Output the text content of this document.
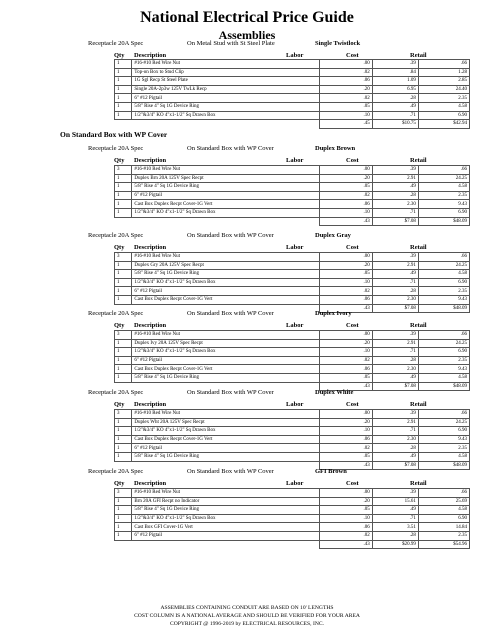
National Electrical Price Guide
Assemblies
On Standard Box with WP Cover
Receptacle 20A Spec	On Metal Stud with St Steel Plate	Single Twistlock
Qty Description	Labor	Cost	Retail
1	#16-#10 Red Wire Nut	.00	.39	.66
1	Top-on Box to Stud Clip	.02	.84	1.28
1	1G Sgl Recp St Steel Plate	.06	1.09	2.85
1	Single 20A-2p3w 125V TwLk Recp	.20	6.95	24.40
1	6" #12 Pigtail	.02	.28	2.35
1	5/8" Rise 4" Sq 1G Device Ring	.05	.49	4.58
1	1/2"&3/4" KO 4"x1-1/2" Sq Drawn Box	.10	.71	6.90
		.45	$10.75	$42.94
Receptacle 20A Spec	On Standard Box with WP Cover	Duplex Brown
Qty Description	Labor	Cost	Retail
3	#16-#10 Red Wire Nut	.00	.39	.66
1	Duplex Brn 20A 125V Spec Recpt	.20	2.91	24.25
1	5/8" Rise 4" Sq 1G Device Ring	.05	.49	4.58
1	6" #12 Pigtail	.02	.28	2.35
1	Cast Box Duplex Recpt Cover-1G Vert	.06	2.30	9.43
1	1/2"&3/4" KO 4"x1-1/2" Sq Drawn Box	.10	.71	6.90
		.43	$7.08	$48.09
Receptacle 20A Spec	On Standard Box with WP Cover	Duplex Gray
Qty Description	Labor	Cost	Retail
3	#16-#10 Red Wire Nut	.00	.39	.66
1	Duplex Gry 20A 125V Spec Recpt	.20	2.91	24.25
1	5/8" Rise 4" Sq 1G Device Ring	.05	.49	4.58
1	1/2"&3/4" KO 4"x1-1/2" Sq Drawn Box	.10	.71	6.90
1	6" #12 Pigtail	.02	.28	2.35
1	Cast Box Duplex Recpt Cover-1G Vert	.06	2.30	9.43
		.43	$7.08	$48.09
Receptacle 20A Spec	On Standard Box with WP Cover	Duplex Ivory
Qty Description	Labor	Cost	Retail
3	#16-#10 Red Wire Nut	.00	.39	.66
1	Duplex Ivy 20A 125V Spec Recpt	.20	2.91	24.25
1	1/2"&3/4" KO 4"x1-1/2" Sq Drawn Box	.10	.71	6.90
1	6" #12 Pigtail	.02	.28	2.35
1	Cast Box Duplex Recpt Cover-1G Vert	.06	2.30	9.43
1	5/8" Rise 4" Sq 1G Device Ring	.05	.49	4.58
		.43	$7.08	$48.09
Receptacle 20A Spec	On Standard Box with WP Cover	Duplex White
Qty Description	Labor	Cost	Retail
3	#16-#10 Red Wire Nut	.00	.39	.66
1	Duplex Wht 20A 125V Spec Recpt	.20	2.91	24.25
1	1/2"&3/4" KO 4"x1-1/2" Sq Drawn Box	.10	.71	6.90
1	Cast Box Duplex Recpt Cover-1G Vert	.06	2.30	9.43
1	6" #12 Pigtail	.02	.28	2.35
1	5/8" Rise 4" Sq 1G Device Ring	.05	.49	4.58
		.43	$7.08	$48.09
Receptacle 20A Spec	On Standard Box with WP Cover	GFI Brown
Qty Description	Labor	Cost	Retail
3	#16-#10 Red Wire Nut	.00	.39	.66
1	Brn 20A GFI Recpt no Indicator	.20	15.61	25.69
1	5/8" Rise 4" Sq 1G Device Ring	.05	.49	4.58
1	1/2"&3/4" KO 4"x1-1/2" Sq Drawn Box	.10	.71	6.90
1	Cast Box GFI Cover-1G Vert	.06	3.51	14.84
1	6" #12 Pigtail	.02	.28	2.35
		.43	$20.99	$54.96
ASSEMBLIES CONTAINING CONDUIT ARE BASED ON 10' LENGTHS
COST COLUMN IS A NATIONAL AVERAGE AND SHOULD BE VERIFIED FOR YOUR AREA
COPYRIGHT @ 1996-2019 by ELECTRICAL RESOURCES, INC.
